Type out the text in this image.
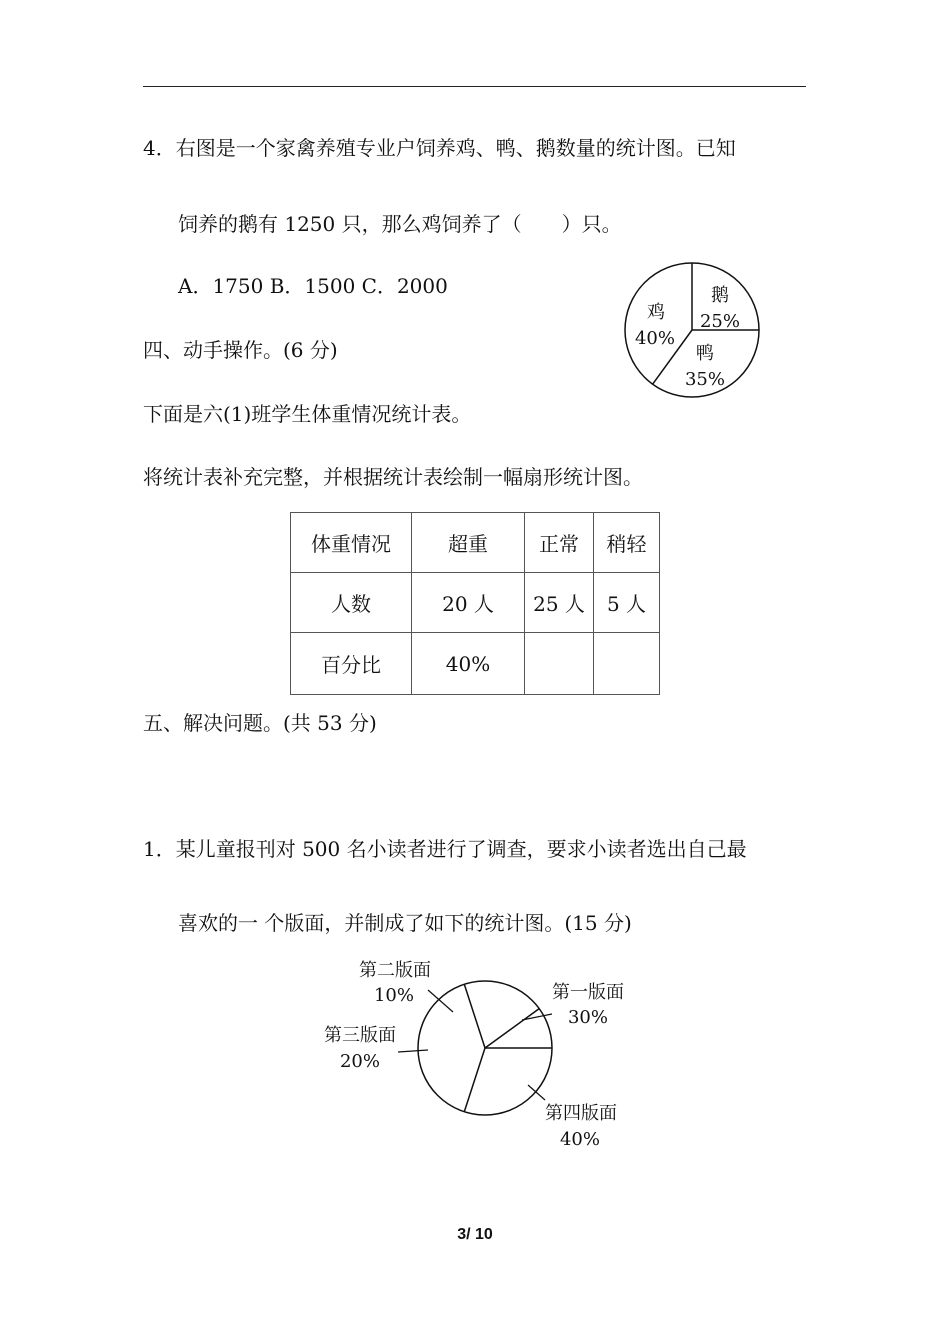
4．右图是一个家禽养殖专业户饲养鸡、鸭、鹅数量的统计图。已知
饲养的鹅有 1250 只，那么鸡饲养了（　　）只。
A．1750 B．1500 C．2000
四、动手操作。(6 分)
下面是六(1)班学生体重情况统计表。
将统计表补充完整，并根据统计表绘制一幅扇形统计图。
鸡
40%
鹅
25%
鸭
35%
体重情况	超重	正常	稍轻
人数	20 人	25 人	5 人
百分比	40%		
五、解决问题。(共 53 分)
1．某儿童报刊对 500 名小读者进行了调查，要求小读者选出自己最
喜欢的一 个版面，并制成了如下的统计图。(15 分)
第一版面
30%
第四版面
40%
第三版面
20%
第二版面
10%
3/ 10
